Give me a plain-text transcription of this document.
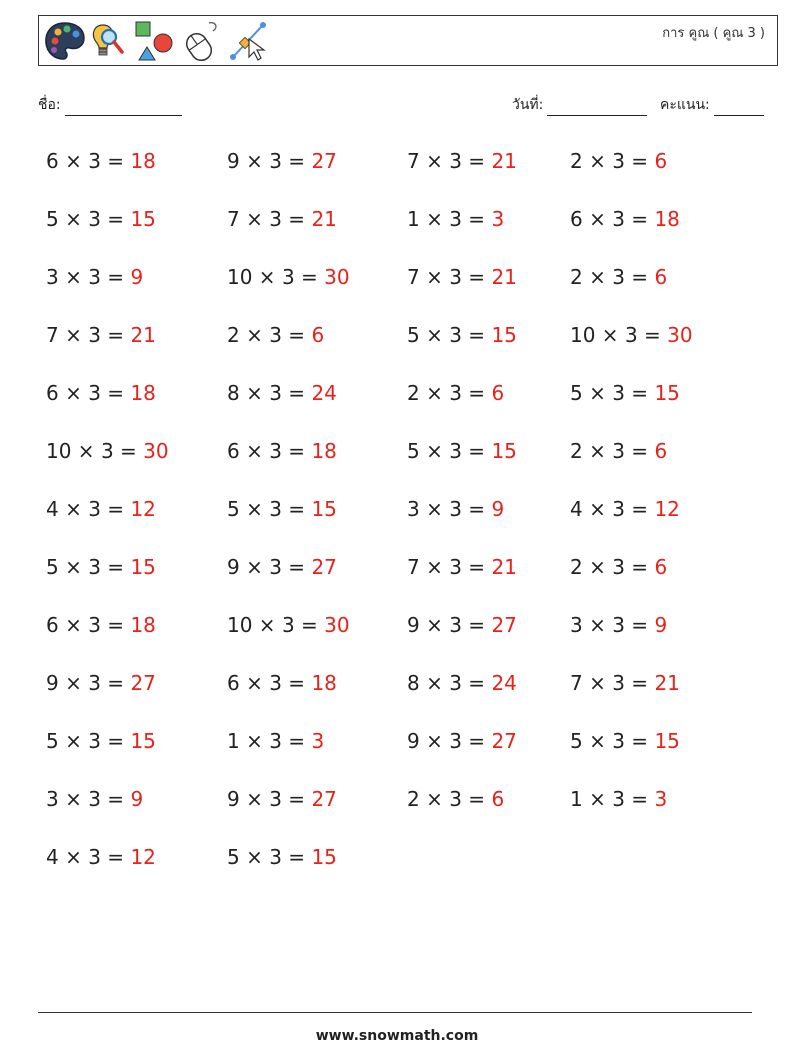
การ คูณ ( คูณ 3 )
ชื่อ:	วันที่:	คะแนน:
6 × 3 = 18	9 × 3 = 27	7 × 3 = 21	2 × 3 = 6
5 × 3 = 15	7 × 3 = 21	1 × 3 = 3	6 × 3 = 18
3 × 3 = 9	10 × 3 = 30	7 × 3 = 21	2 × 3 = 6
7 × 3 = 21	2 × 3 = 6	5 × 3 = 15	10 × 3 = 30
6 × 3 = 18	8 × 3 = 24	2 × 3 = 6	5 × 3 = 15
10 × 3 = 30	6 × 3 = 18	5 × 3 = 15	2 × 3 = 6
4 × 3 = 12	5 × 3 = 15	3 × 3 = 9	4 × 3 = 12
5 × 3 = 15	9 × 3 = 27	7 × 3 = 21	2 × 3 = 6
6 × 3 = 18	10 × 3 = 30	9 × 3 = 27	3 × 3 = 9
9 × 3 = 27	6 × 3 = 18	8 × 3 = 24	7 × 3 = 21
5 × 3 = 15	1 × 3 = 3	9 × 3 = 27	5 × 3 = 15
3 × 3 = 9	9 × 3 = 27	2 × 3 = 6	1 × 3 = 3
4 × 3 = 12	5 × 3 = 15
www.snowmath.com
